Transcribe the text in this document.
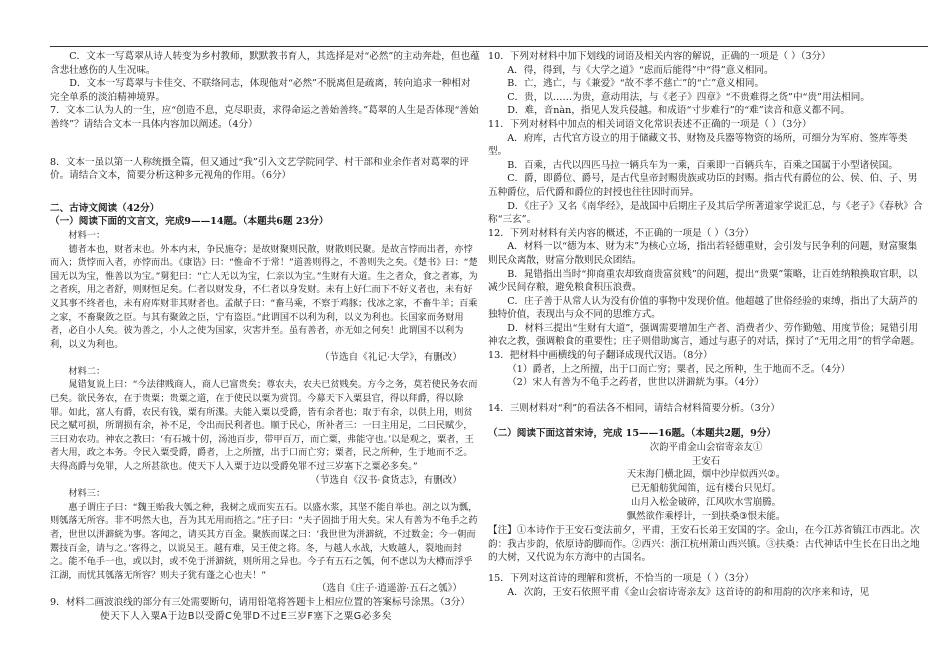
C．文本一写葛翠从诗人转变为乡村教师，默默教书育人，其选择是对“必然”的主动奔赴，但也蕴含悲壮感伤的人生况味。

D．文本一写葛翠与卡佳交、不联络同志，体现他对“必然”不脱离但是疏离，转向追求一种相对完全单系的淡泊精神境界。

7．文本二认为人的一生，应“创造不息，克尽职责，求得命运之善始善终。”葛翠的人生是否体现“善始善终”？请结合文本一具体内容加以阐述。（4分）

8．文本一虽以第一人称统摄全篇，但又通过“我”引入文艺学院同学、村干部和业余作者对葛翠的评价。请结合文本，简要分析这种多元视角的作用。（6分）

二、古诗文阅读（42分）

（一）阅读下面的文言文，完成9——14题。（本题共6题 23分）

材料一：

德者本也，财者末也。外本内末，争民施夺；是故财聚则民散，财散则民聚。是故言悖而出者，亦悖而入；货悖而入者，亦悖而出。《康诰》曰：“惟命不于常！”道善则得之，不善则失之矣。《楚书》曰：“楚国无以为宝，惟善以为宝。”舅犯曰：“亡人无以为宝，仁亲以为宝。”生财有大道。生之者众，食之者寡，为之者疾，用之者舒，则财恒足矣。仁者以财发身，不仁者以身发财。未有上好仁而下不好义者也，未有好义其事不终者也，未有府库财非其财者也。孟献子曰：“畜马乘，不察于鸡豚；伐冰之家，不畜牛羊；百乘之家，不畜聚敛之臣。与其有聚敛之臣，宁有盗臣。”此谓国不以利为利，以义为利也。长国家而务财用者，必自小人矣。彼为善之，小人之使为国家，灾害并至。虽有善者，亦无如之何矣！此谓国不以利为利，以义为利也。

（节选自《礼记·大学》，有删改）

材料二：

晁错复说上曰：“今法律贱商人，商人已富贵矣；尊农夫，农夫已贫贱矣。方今之务，莫若使民务农而已矣。欲民务农，在于贵粟；贵粟之道，在于使民以粟为赏罚。今募天下入粟县官，得以拜爵，得以除罪。如此，富人有爵，农民有钱，粟有所渫。夫能入粟以受爵，皆有余者也；取于有余，以供上用，则贫民之赋可损，所谓损有余，补不足，令出而民利者也。顺于民心，所补者三：一曰主用足，二曰民赋少，三曰劝农功。神农之教曰：‘有石城十仞，汤池百步，带甲百万，而亡粟，弗能守也。’以是观之，粟者，王者大用，政之本务。令民入粟受爵，爵者，上之所擅，出于口而亡穷；粟者，民之所种，生于地而不乏。夫得高爵与免罪，人之所甚欲也。使天下人入粟于边以受爵免罪不过三岁塞下之粟必多矣。”

（节选自《汉书·食货志》，有删改）

材料三：

惠子谓庄子曰：“魏王贻我大瓠之种，我树之成而实五石。以盛水浆，其坚不能自举也。剖之以为瓢，则瓠落无所容。非不呺然大也，吾为其无用而掊之。”庄子曰：“夫子固拙于用大矣。宋人有善为不龟手之药者，世世以洴澼絖为事。客闻之，请买其方百金。聚族而谋之曰：‘我世世为洴澼絖，不过数金；今一朝而鬻技百金，请与之。’客得之，以说吴王。越有难，吴王使之将。冬，与越人水战，大败越人，裂地而封之。能不龟手一也，或以封，或不免于洴澼絖，则所用之异也。今子有五石之瓠，何不虑以为大樽而浮乎江湖，而忧其瓠落无所容？则夫子犹有蓬之心也夫！”

（选自《庄子·逍遥游·五石之瓠》）

9．材料二画波浪线的部分有三处需要断句，请用铅笔将答题卡上相应位置的答案标号涂黑。（3分）

使天下人入粟A于边B以受爵C免罪D不过E三岁F塞下之粟G必多矣

10．下列对材料中加下划线的词语及相关内容的解说，正确的一项是（ ）（3分）

A．得，得到，与《大学之道》“虑而后能得”中“得”意义相同。

B．亡，逃亡，与《兼爱》“故不孝不慈亡”的“亡”意义相同。

C．贵，以……为贵，意动用法，与《老子》四章》“不贵难得之货”中“贵”用法相同。

D．难，音nàn，指见人发兵侵越。和成语“寸步难行”的“难”读音和意义都不同。

11．下列对材料中加点的相关词语文化常识表述不正确的一项是（ ）（3分）

A．府库，古代官方设立的用于储藏文书、财物及兵器等物资的场所，可细分为军府、签库等类型。

B．百乘，古代以四匹马拉一辆兵车为一乘，百乘即一百辆兵车，百乘之国属于小型诸侯国。

C．爵，即爵位、爵号，是古代皇帝封赐贵族或功臣的封赐。指古代有爵位的公、侯、伯、子、男五种爵位，后代爵和爵位的封授也往往因时而异。

D．《庄子》又名《南华经》，是战国中后期庄子及其后学所著道家学说汇总，与《老子》《春秋》合称“三玄”。

12．下列对材料有关内容的概述，不正确的一项是（ ）（3分）

A．材料一以“德为本、财为末”为核心立场，指出若轻德重财，会引发与民争利的问题，财富聚集则民众离散，财富分散则民众团结。

B．晁错指出当时“抑商重农却致商贵富贫贱”的问题，提出“贵粟”策略，让百姓纳粮换取官职，以减少民间存粮，避免粮食积压浪费。

C．庄子善于从常人认为没有价值的事物中发现价值。他超越了世俗经验的束缚，指出了大葫芦的独特价值，表现出与众不同的思维方式。

D．材料三提出“生财有大道”，强调需要增加生产者、消费者少、劳作勤勉、用度节俭；晁错引用神农之教，强调粮食的重要性；庄子则借助寓言，通过与惠子的对话，探讨了“无用之用”的哲学命题。

13．把材料中画横线的句子翻译成现代汉语。（8分）

（1）爵者，上之所擅，出于口而亡穷；粟者，民之所种，生于地而不乏。（4分）

（2）宋人有善为不龟手之药者，世世以洴澼絖为事。（4分）

14．三则材料对“利”的看法各不相同，请结合材料简要分析。（3分）

（二）阅读下面这首宋诗，完成 15——16题。（本题共2题，9分）

次韵平甫金山会宿寄亲友①

王安石

天末海门横北固，烟中沙岸似西兴②。

已无船舫犹闻笛，远有楼台只见灯。

山月入松金破碎，江风吹水雪崩腾。

飘然欲作乘桴计，一到扶桑③恨未能。

【注】①本诗作于王安石变法前夕，平甫，王安石长弟王安国的字。金山，在今江苏省镇江市西北。次韵：我古步韵，依原诗韵脚而作。②西兴：浙江杭州萧山西兴镇。③扶桑：古代神话中生长在日出之地的大树，又代说为东方海中的古国名。

15．下列对这首诗的理解和赏析，不恰当的一项是（ ）（3分）

A．次韵，王安石依照平甫《金山会宿诗寄亲友》这首诗的韵和用韵的次序来和诗，见
